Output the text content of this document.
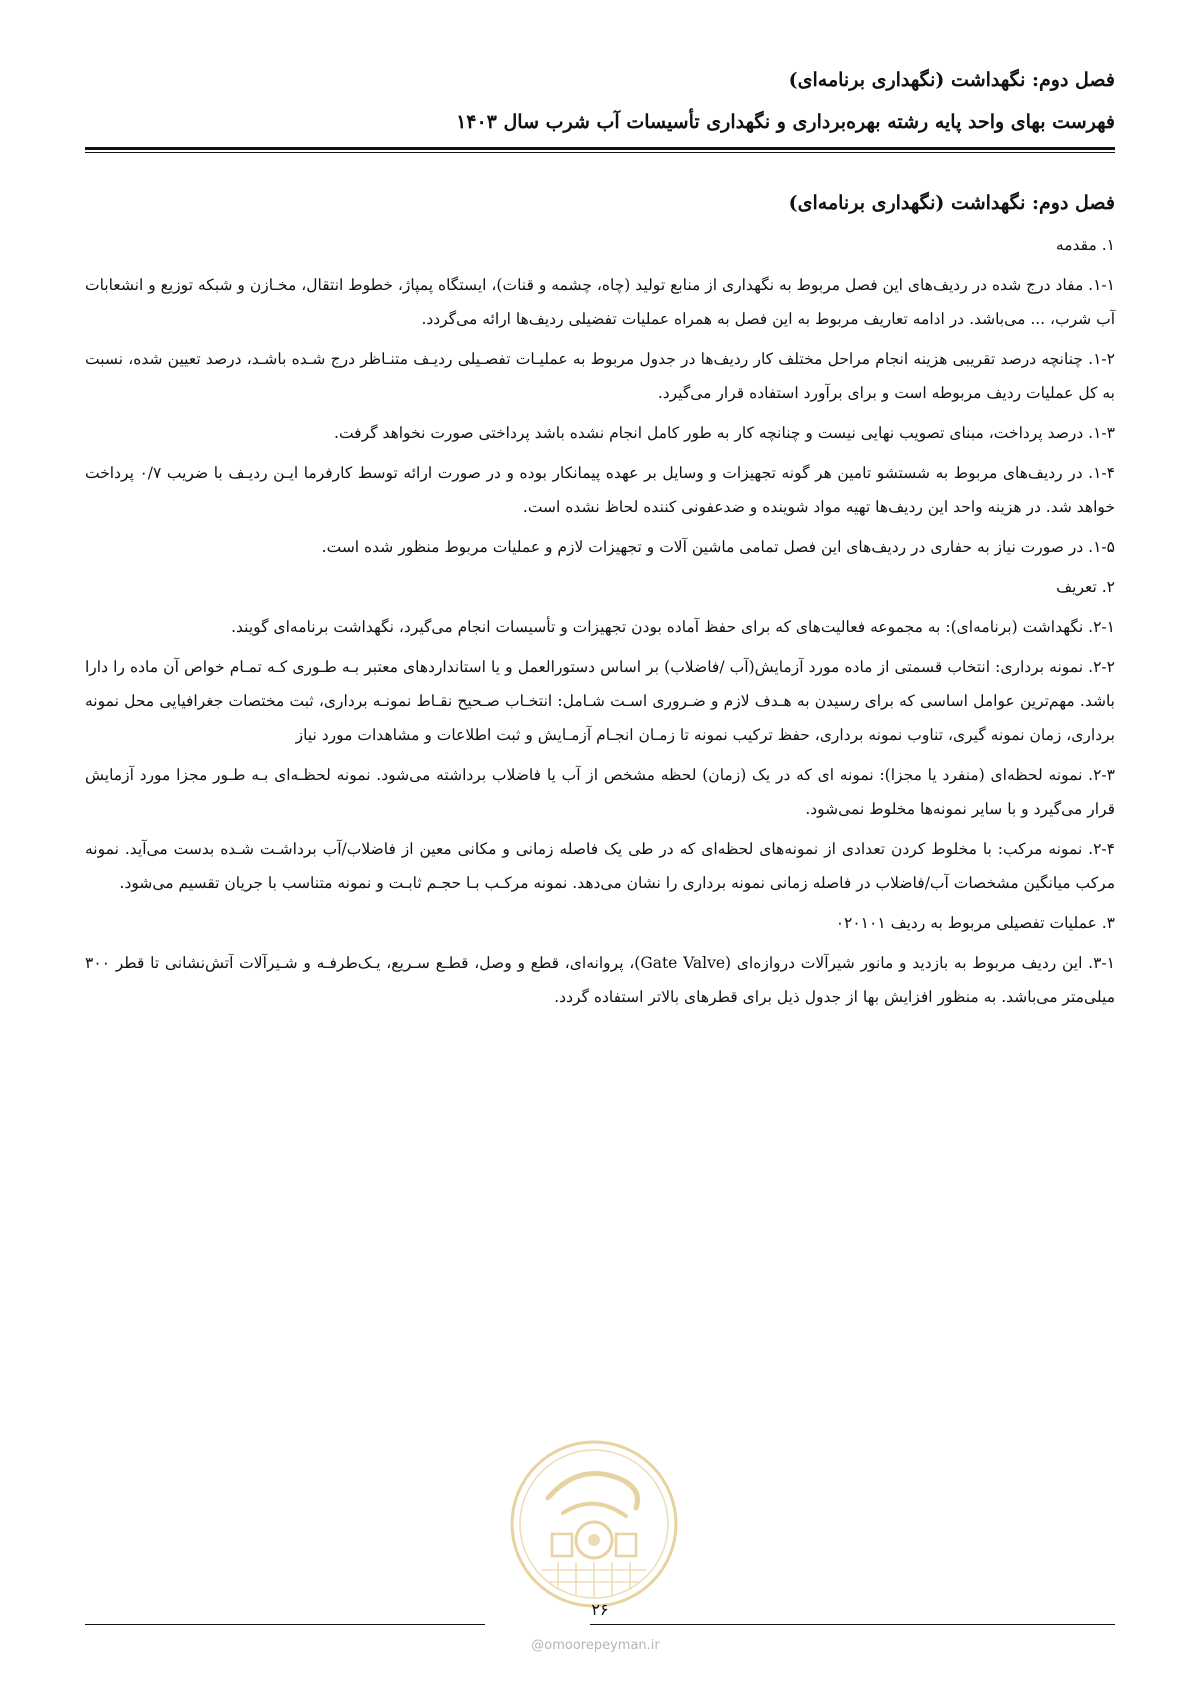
فصل دوم: نگهداشت (نگهداری برنامه‌ای)
فهرست بهای واحد پایه رشته بهره‌برداری و نگهداری تأسیسات آب شرب سال ۱۴۰۳
فصل دوم: نگهداشت (نگهداری برنامه‌ای)
۱. مقدمه

۱-۱. مفاد درج شده در ردیف‌های این فصل مربوط به نگهداری از منابع تولید (چاه، چشمه و قنات)، ایستگاه پمپاژ، خطوط انتقال، مخـازن و شبکه توزیع و انشعابات آب شرب، ... می‌باشد. در ادامه تعاریف مربوط به این فصل به همراه عملیات تفضیلی ردیف‌ها ارائه می‌گردد.

۱-۲. چنانچه درصد تقریبی هزینه انجام مراحل مختلف کار ردیف‌ها در جدول مربوط به عملیـات تفصـیلی ردیـف متنـاظر درج شـده باشـد، درصد تعیین شده، نسبت به کل عملیات ردیف مربوطه است و برای برآورد استفاده قرار می‌گیرد.

۱-۳. درصد پرداخت، مبنای تصویب نهایی نیست و چنانچه کار به طور کامل انجام نشده باشد پرداختی صورت نخواهد گرفت.

۱-۴. در ردیف‌های مربوط به شستشو تامین هر گونه تجهیزات و وسایل بر عهده پیمانکار بوده و در صورت ارائه توسط کارفرما ایـن ردیـف با ضریب ۰/۷ پرداخت خواهد شد. در هزینه واحد این ردیف‌ها تهیه مواد شوینده و ضدعفونی کننده لحاظ نشده است.

۱-۵. در صورت نیاز به حفاری در ردیف‌های این فصل تمامی ماشین آلات و تجهیزات لازم و عملیات مربوط منظور شده است.

۲. تعریف

۲-۱. نگهداشت (برنامه‌ای): به مجموعه فعالیت‌های که برای حفظ آماده بودن تجهیزات و تأسیسات انجام می‌گیرد، نگهداشت برنامه‌ای گویند.

۲-۲. نمونه برداری: انتخاب قسمتی از ماده مورد آزمایش(آب /فاضلاب) بر اساس دستورالعمل و یا استانداردهای معتبر بـه طـوری کـه تمـام خواص آن ماده را دارا باشد. مهم‌ترین عوامل اساسی که برای رسیدن به هـدف لازم و ضـروری اسـت شـامل: انتخـاب صـحیح نقـاط نمونـه برداری، ثبت مختصات جغرافیایی محل نمونه برداری، زمان نمونه گیری، تناوب نمونه برداری، حفظ ترکیب نمونه تا زمـان انجـام آزمـایش و ثبت اطلاعات و مشاهدات مورد نیاز

۲-۳. نمونه لحظه‌ای (منفرد یا مجزا): نمونه ای که در یک (زمان) لحظه مشخص از آب یا فاضلاب برداشته می‌شود. نمونه لحظـه‌ای بـه طـور مجزا مورد آزمایش قرار می‌گیرد و با سایر نمونه‌ها مخلوط نمی‌شود.

۲-۴. نمونه مرکب: با مخلوط کردن تعدادی از نمونه‌های لحظه‌ای که در طی یک فاصله زمانی و مکانی معین از فاضلاب/آب برداشـت شـده بدست می‌آید. نمونه مرکب میانگین مشخصات آب/فاضلاب در فاصله زمانی نمونه برداری را نشان می‌دهد. نمونه مرکـب بـا حجـم ثابـت و نمونه متناسب با جریان تقسیم می‌شود.

۳. عملیات تفصیلی مربوط به ردیف ۰۲۰۱۰۱

۳-۱. این ردیف مربوط به بازدید و مانور شیرآلات دروازه‌ای (Gate Valve)، پروانه‌ای، قطع و وصل، قطـع سـریع، یـک‌طرفـه و شـیرآلات آتش‌نشانی تا قطر ۳۰۰ میلی‌متر می‌باشد. به منظور افزایش بها از جدول ذیل برای قطرهای بالاتر استفاده گردد.

۲۶
@omoorepeyman.ir
